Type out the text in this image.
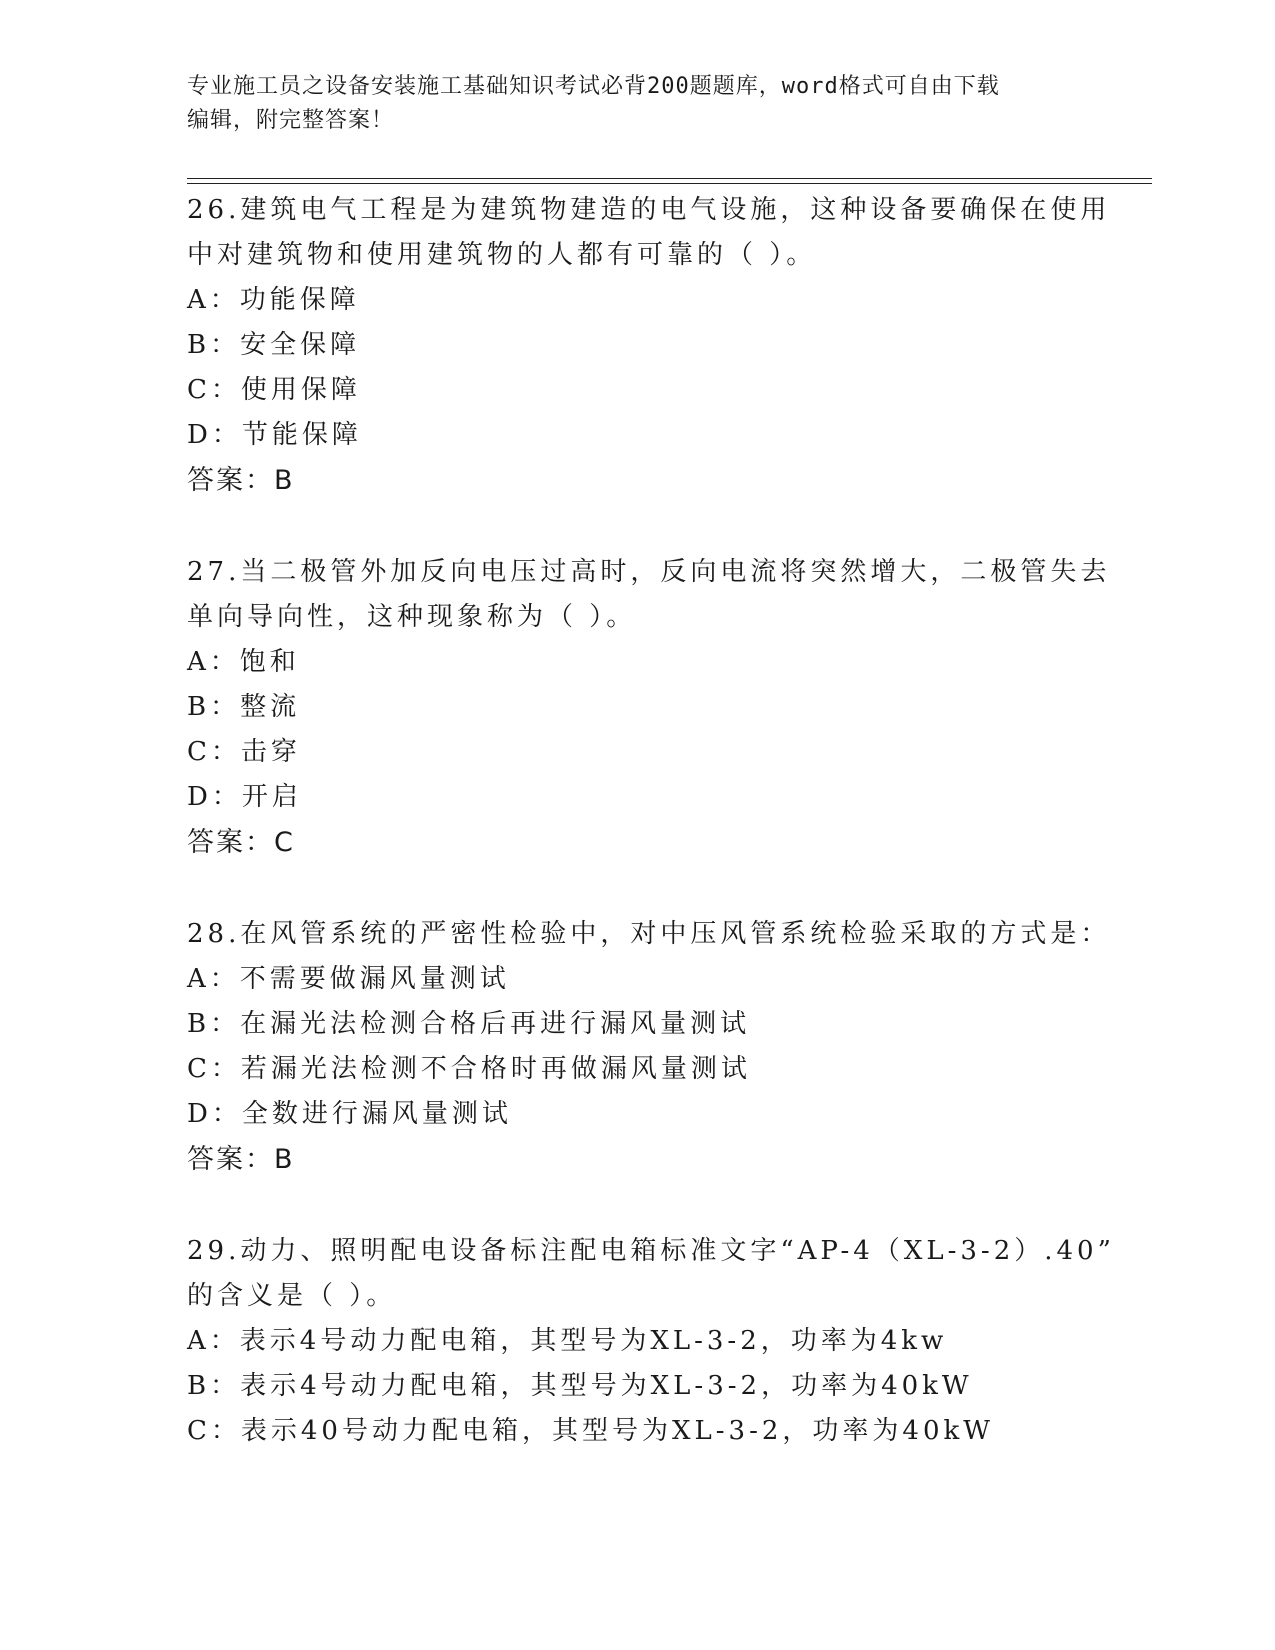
专业施工员之设备安装施工基础知识考试必背200题题库，word格式可自由下载
编辑，附完整答案！
26.建筑电气工程是为建筑物建造的电气设施，这种设备要确保在使用
中对建筑物和使用建筑物的人都有可靠的（ ）。
A：功能保障
B：安全保障
C：使用保障
D：节能保障
答案：B
27.当二极管外加反向电压过高时，反向电流将突然增大，二极管失去
单向导向性，这种现象称为（ ）。
A：饱和
B：整流
C：击穿
D：开启
答案：C
28.在风管系统的严密性检验中，对中压风管系统检验采取的方式是：
A：不需要做漏风量测试
B：在漏光法检测合格后再进行漏风量测试
C：若漏光法检测不合格时再做漏风量测试
D：全数进行漏风量测试
答案：B
29.动力、照明配电设备标注配电箱标准文字“AP-4（XL-3-2）.40”
的含义是（ ）。
A：表示4号动力配电箱，其型号为XL-3-2，功率为4kw
B：表示4号动力配电箱，其型号为XL-3-2，功率为40kW
C：表示40号动力配电箱，其型号为XL-3-2，功率为40kW
